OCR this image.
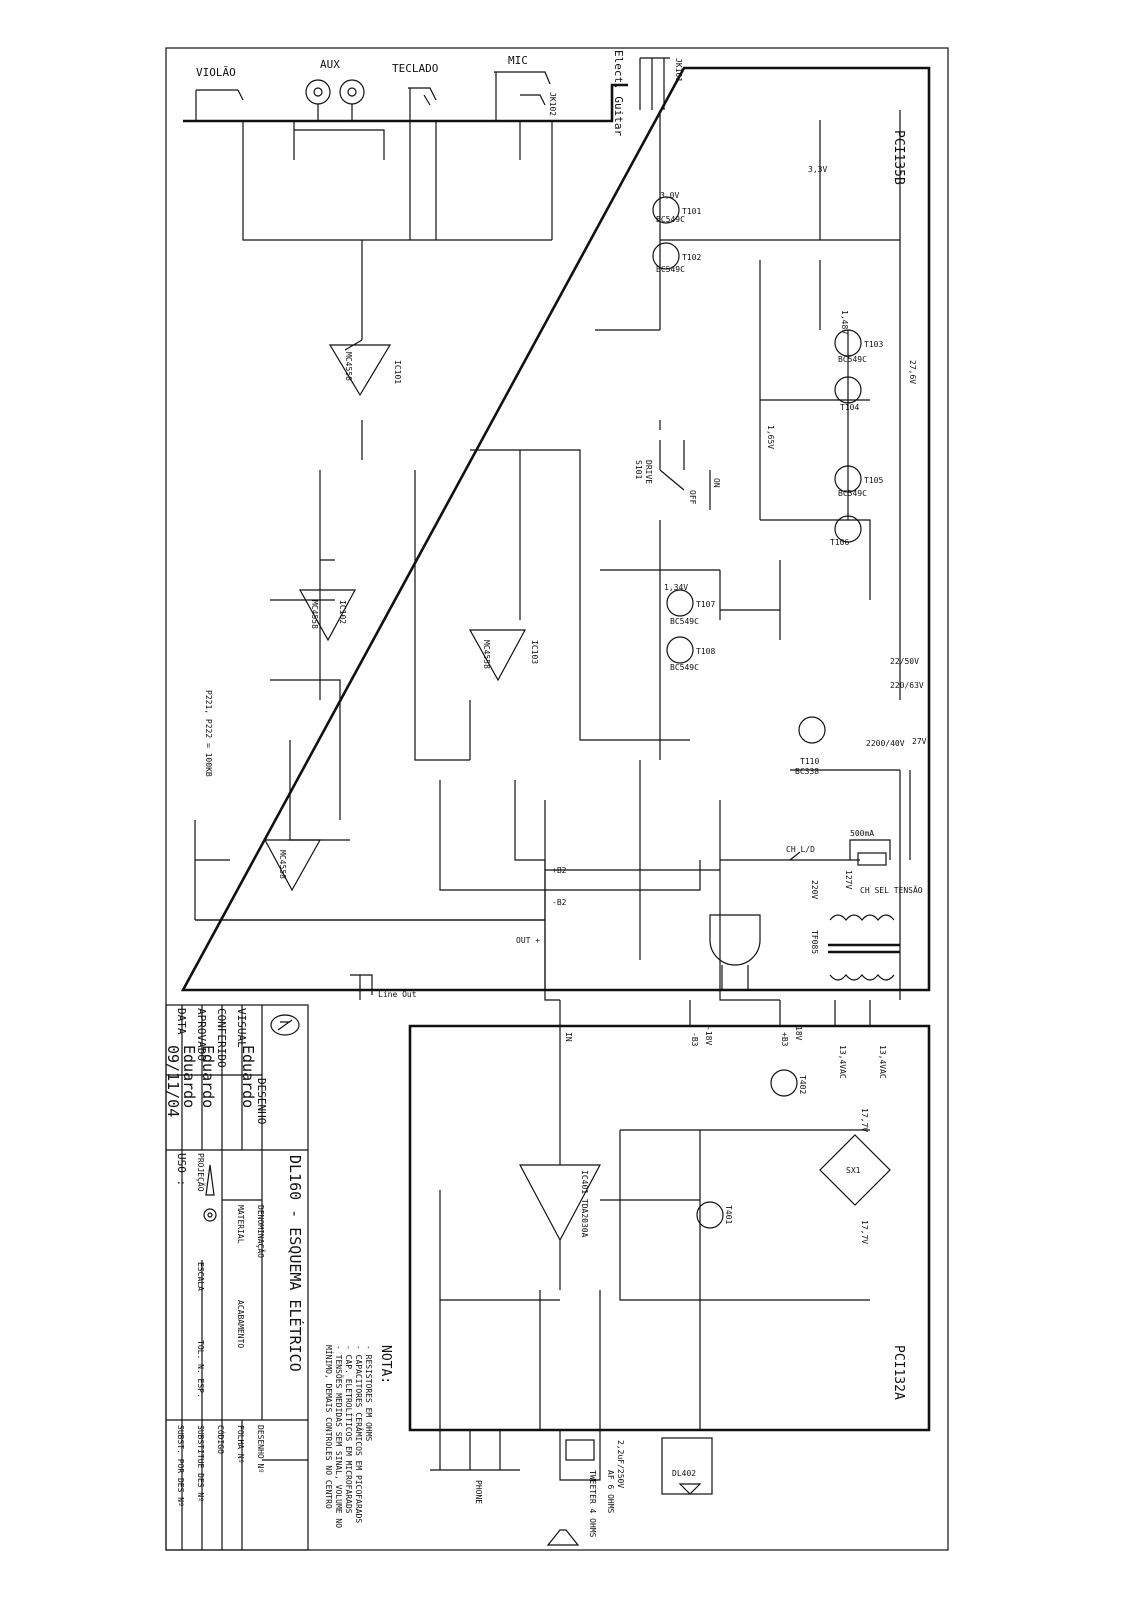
DESENHO
Eduardo
VISUAL
CONFERIDO
Eduardo
APROVADO
Eduardo
DATA
09/11/04
DL160 - ESQUEMA ELÉTRICO
DENOMINAÇÃO
MATERIAL
ACABAMENTO
USO : PROJEÇÃO
ESCALA
TOL. N. ESP.
DESENHO Nº
FOLHA Nº
CÓDIGO
SUBSTITUE DES Nº
SUBST. POR DES Nº
NOTA:
- RESISTORES EM OHMS
- CAPACITORES CERÂMICOS EM PICOFARADS
- CAP. ELETROLÍTICOS EM MICROFARADS
- TENSÕES MEDIDAS SEM SINAL, VOLUME NO
MÍNIMO, DEMAIS CONTROLES NO CENTRO
PCI135B
PCI132A
VIOLÃO
AUX	TECLADO
MIC
JK102	Elect. Guitar	JK101
IC101
IC102
IC103
IC401 TDA2030A
MC4558
MC4558
MC4558
MC4558
T101
T102
T103
T104
T105
T106
T107
T108
T110
BC338
T401
T402
BC549C
BC549C
BC549C
BC549C
BC549C
BC549C
3,3V
3,0V
1,48V
1,65V
1,34V
27,6V
22/50V
220/63V
2200/40V 27V
DRIVE
S101
OFF
ON
P221, P222 = 100KB
+B2
-B2
OUT +
Line Out
CH L/D
500mA
CH SEL TENSÃO
127V
220V
TF085
IN	-B3 -18V	+B3 18V
13,4VAC	13,4VAC
17,7V
17,7V
SX1
PHONE	TWEETER 4 OHMS AF 6 OHMS
2,2uF/250V	DL402
